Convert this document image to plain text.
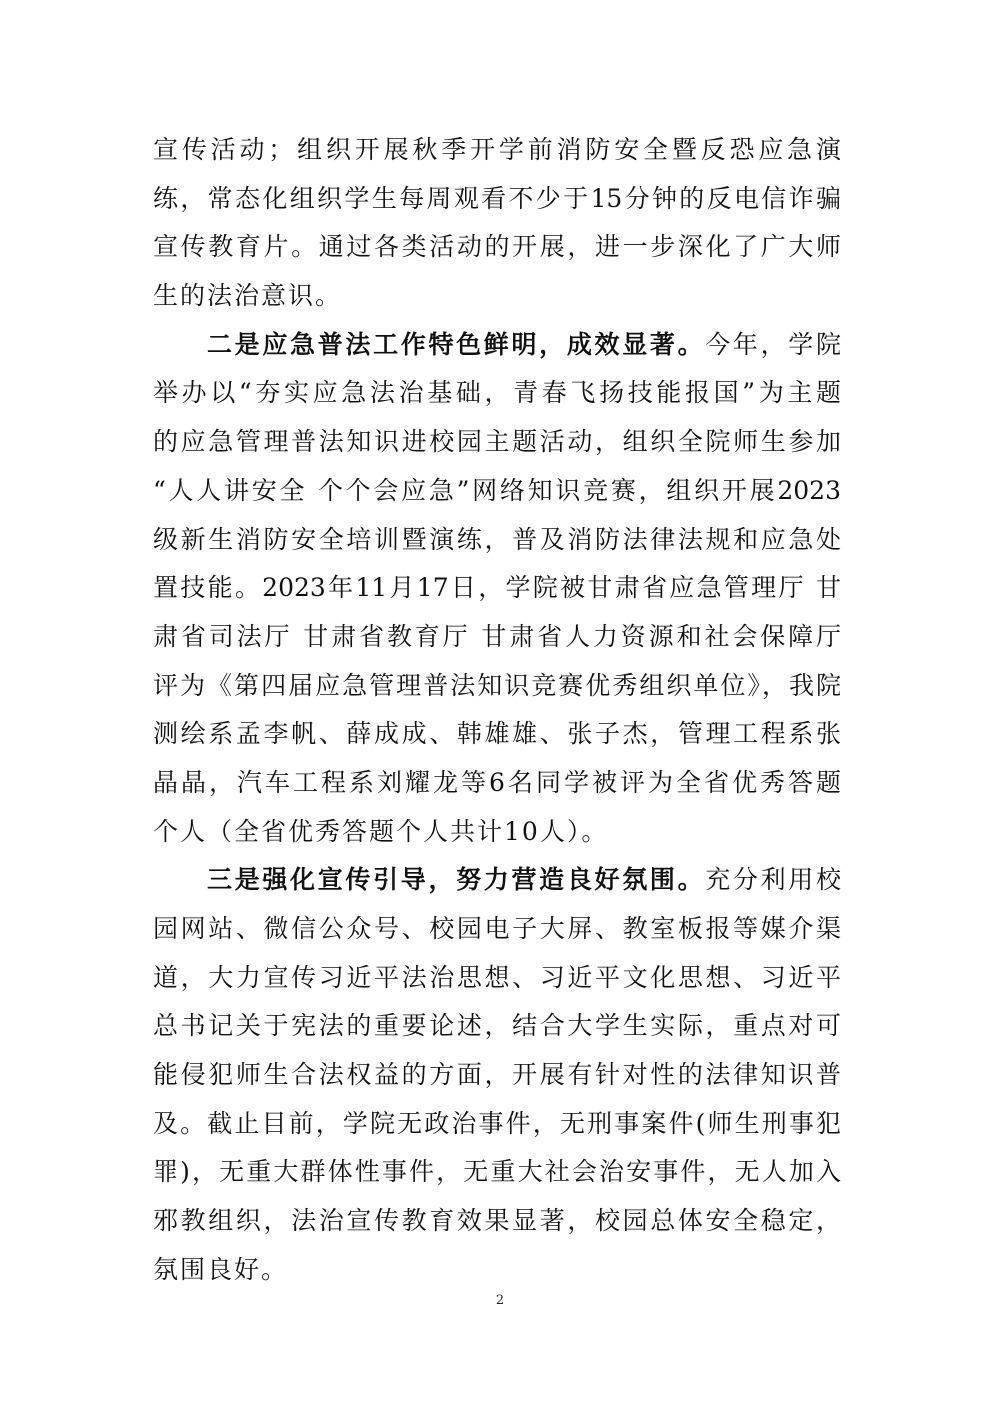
宣传活动；组织开展秋季开学前消防安全暨反恐应急演
练，常态化组织学生每周观看不少于15分钟的反电信诈骗
宣传教育片。通过各类活动的开展，进一步深化了广大师
生的法治意识。
二是应急普法工作特色鲜明，成效显著。今年，学院
举办以“夯实应急法治基础，青春飞扬技能报国”为主题
的应急管理普法知识进校园主题活动，组织全院师生参加
“人人讲安全 个个会应急”网络知识竞赛，组织开展2023
级新生消防安全培训暨演练，普及消防法律法规和应急处
置技能。2023年11月17日，学院被甘肃省应急管理厅 甘
肃省司法厅 甘肃省教育厅 甘肃省人力资源和社会保障厅
评为《第四届应急管理普法知识竞赛优秀组织单位》，我院
测绘系孟李帆、薛成成、韩雄雄、张子杰，管理工程系张
晶晶，汽车工程系刘耀龙等6名同学被评为全省优秀答题
个人（全省优秀答题个人共计10人）。
三是强化宣传引导，努力营造良好氛围。充分利用校
园网站、微信公众号、校园电子大屏、教室板报等媒介渠
道，大力宣传习近平法治思想、习近平文化思想、习近平
总书记关于宪法的重要论述，结合大学生实际，重点对可
能侵犯师生合法权益的方面，开展有针对性的法律知识普
及。截止目前，学院无政治事件，无刑事案件(师生刑事犯
罪)，无重大群体性事件，无重大社会治安事件，无人加入
邪教组织，法治宣传教育效果显著，校园总体安全稳定，
氛围良好。
2
